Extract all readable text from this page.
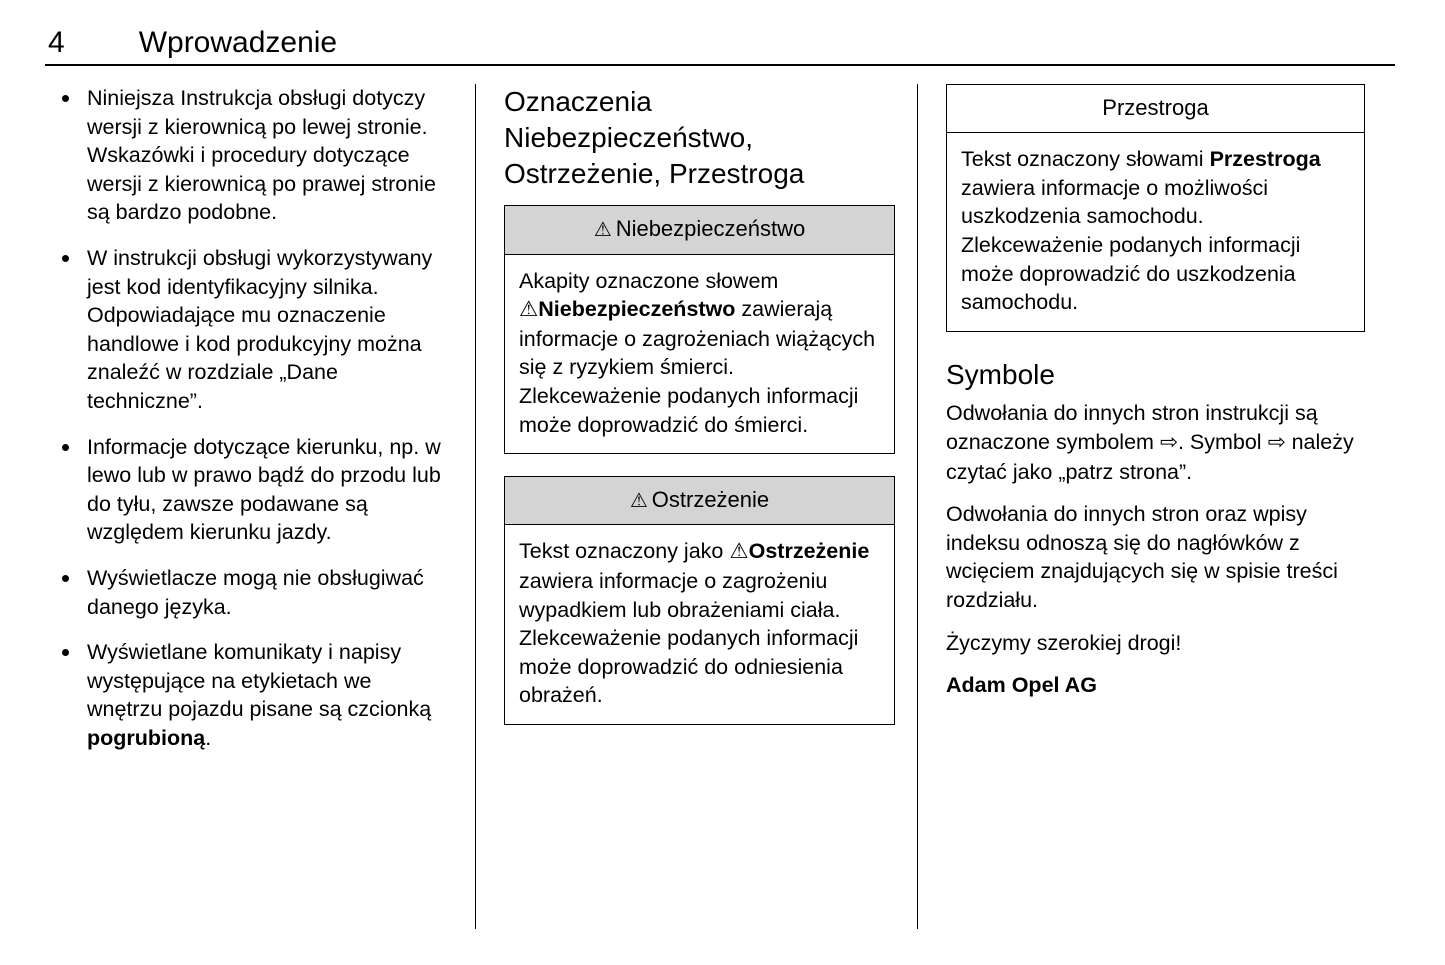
4 Wprowadzenie
Niniejsza Instrukcja obsługi dotyczy wersji z kierownicą po lewej stronie. Wskazówki i procedury dotyczące wersji z kierownicą po prawej stronie są bardzo podobne.
W instrukcji obsługi wykorzystywany jest kod identyfikacyjny silnika. Odpowiadające mu oznaczenie handlowe i kod produkcyjny można znaleźć w rozdziale „Dane techniczne”.
Informacje dotyczące kierunku, np. w lewo lub w prawo bądź do przodu lub do tyłu, zawsze podawane są względem kierunku jazdy.
Wyświetlacze mogą nie obsługiwać danego języka.
Wyświetlane komunikaty i napisy występujące na etykietach we wnętrzu pojazdu pisane są czcionką pogrubioną.
Oznaczenia Niebezpieczeństwo, Ostrzeżenie, Przestroga
⚠ Niebezpieczeństwo
Akapity oznaczone słowem ⚠Niebezpieczeństwo zawierają informacje o zagrożeniach wiążących się z ryzykiem śmierci. Zlekceważenie podanych informacji może doprowadzić do śmierci.
⚠ Ostrzeżenie
Tekst oznaczony jako ⚠Ostrzeżenie zawiera informacje o zagrożeniu wypadkiem lub obrażeniami ciała. Zlekceważenie podanych informacji może doprowadzić do odniesienia obrażeń.
Przestroga
Tekst oznaczony słowami Przestroga zawiera informacje o możliwości uszkodzenia samochodu. Zlekceważenie podanych informacji może doprowadzić do uszkodzenia samochodu.
Symbole

Odwołania do innych stron instrukcji są oznaczone symbolem ⇨. Symbol ⇨ należy czytać jako „patrz strona”.

Odwołania do innych stron oraz wpisy indeksu odnoszą się do nagłówków z wcięciem znajdujących się w spisie treści rozdziału.

Życzymy szerokiej drogi!

Adam Opel AG
